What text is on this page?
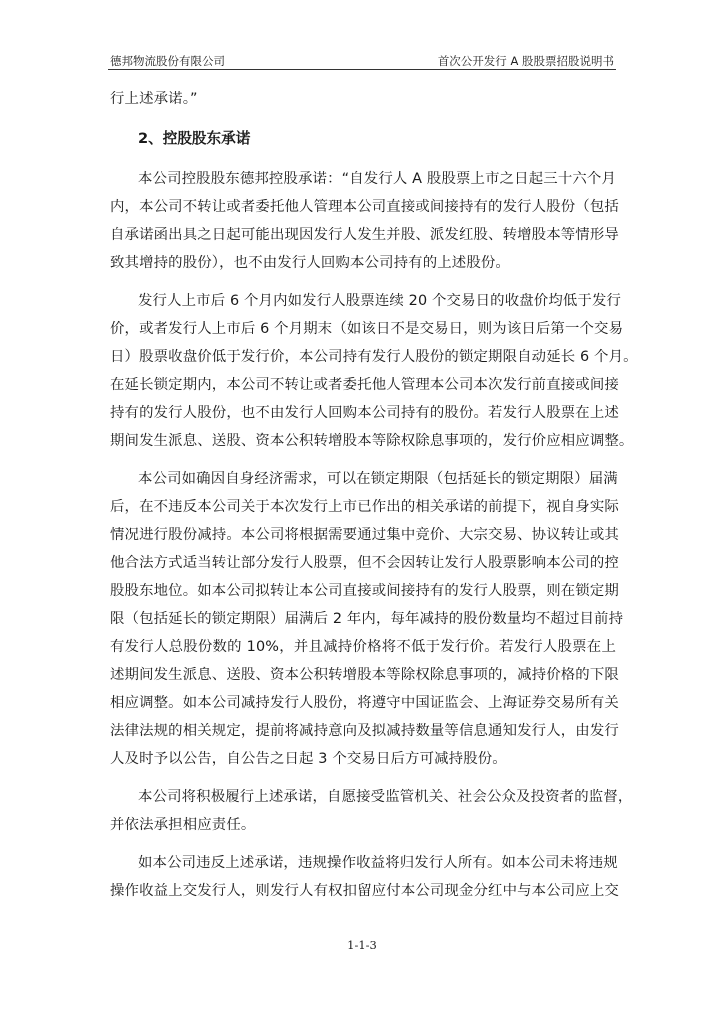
德邦物流股份有限公司	首次公开发行 A 股股票招股说明书
行上述承诺。”
2、控股股东承诺
本公司控股股东德邦控股承诺：“自发行人 A 股股票上市之日起三十六个月
内，本公司不转让或者委托他人管理本公司直接或间接持有的发行人股份（包括
自承诺函出具之日起可能出现因发行人发生并股、派发红股、转增股本等情形导
致其增持的股份），也不由发行人回购本公司持有的上述股份。
发行人上市后 6 个月内如发行人股票连续 20 个交易日的收盘价均低于发行
价，或者发行人上市后 6 个月期末（如该日不是交易日，则为该日后第一个交易
日）股票收盘价低于发行价，本公司持有发行人股份的锁定期限自动延长 6 个月。
在延长锁定期内，本公司不转让或者委托他人管理本公司本次发行前直接或间接
持有的发行人股份，也不由发行人回购本公司持有的股份。若发行人股票在上述
期间发生派息、送股、资本公积转增股本等除权除息事项的，发行价应相应调整。
本公司如确因自身经济需求，可以在锁定期限（包括延长的锁定期限）届满
后，在不违反本公司关于本次发行上市已作出的相关承诺的前提下，视自身实际
情况进行股份减持。本公司将根据需要通过集中竞价、大宗交易、协议转让或其
他合法方式适当转让部分发行人股票，但不会因转让发行人股票影响本公司的控
股股东地位。如本公司拟转让本公司直接或间接持有的发行人股票，则在锁定期
限（包括延长的锁定期限）届满后 2 年内，每年减持的股份数量均不超过目前持
有发行人总股份数的 10%，并且减持价格将不低于发行价。若发行人股票在上
述期间发生派息、送股、资本公积转增股本等除权除息事项的，减持价格的下限
相应调整。如本公司减持发行人股份，将遵守中国证监会、上海证券交易所有关
法律法规的相关规定，提前将减持意向及拟减持数量等信息通知发行人，由发行
人及时予以公告，自公告之日起 3 个交易日后方可减持股份。
本公司将积极履行上述承诺，自愿接受监管机关、社会公众及投资者的监督，
并依法承担相应责任。
如本公司违反上述承诺，违规操作收益将归发行人所有。如本公司未将违规
操作收益上交发行人，则发行人有权扣留应付本公司现金分红中与本公司应上交
1-1-3
